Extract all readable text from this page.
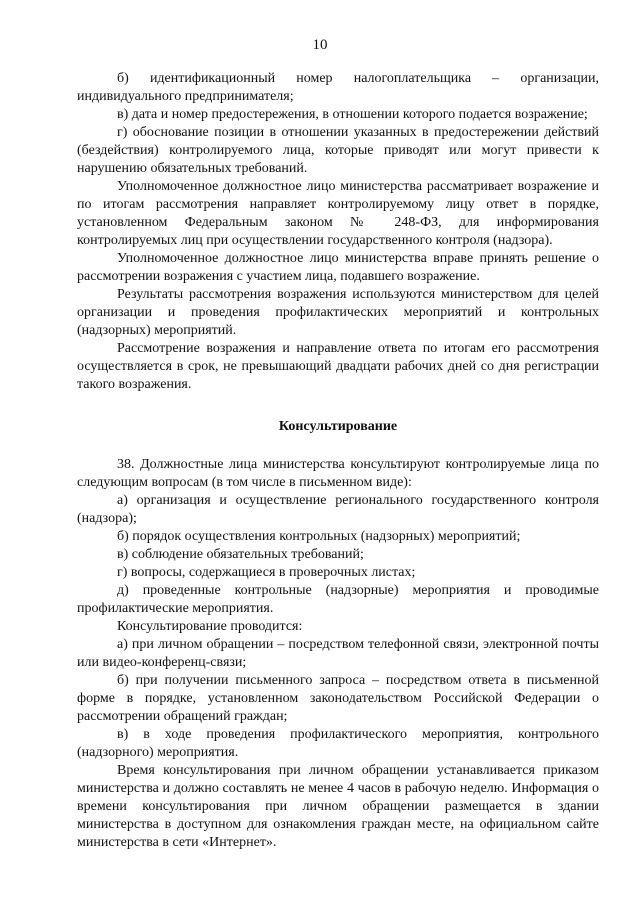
10

б) идентификационный номер налогоплательщика – организации, индивидуального предпринимателя;

в) дата и номер предостережения, в отношении которого подается возражение;

г) обоснование позиции в отношении указанных в предостережении действий (бездействия) контролируемого лица, которые приводят или могут привести к нарушению обязательных требований.

Уполномоченное должностное лицо министерства рассматривает возражение и по итогам рассмотрения направляет контролируемому лицу ответ в порядке, установленном Федеральным законом № 248-ФЗ, для информирования контролируемых лиц при осуществлении государственного контроля (надзора).

Уполномоченное должностное лицо министерства вправе принять решение о рассмотрении возражения с участием лица, подавшего возражение.

Результаты рассмотрения возражения используются министерством для целей организации и проведения профилактических мероприятий и контрольных (надзорных) мероприятий.

Рассмотрение возражения и направление ответа по итогам его рассмотрения осуществляется в срок, не превышающий двадцати рабочих дней со дня регистрации такого возражения.

Консультирование

38. Должностные лица министерства консультируют контролируемые лица по следующим вопросам (в том числе в письменном виде):

а) организация и осуществление регионального государственного контроля (надзора);

б) порядок осуществления контрольных (надзорных) мероприятий;

в) соблюдение обязательных требований;

г) вопросы, содержащиеся в проверочных листах;

д) проведенные контрольные (надзорные) мероприятия и проводимые профилактические мероприятия.

Консультирование проводится:

а) при личном обращении – посредством телефонной связи, электронной почты или видео-конференц-связи;

б) при получении письменного запроса – посредством ответа в письменной форме в порядке, установленном законодательством Российской Федерации о рассмотрении обращений граждан;

в) в ходе проведения профилактического мероприятия, контрольного (надзорного) мероприятия.

Время консультирования при личном обращении устанавливается приказом министерства и должно составлять не менее 4 часов в рабочую неделю. Информация о времени консультирования при личном обращении размещается в здании министерства в доступном для ознакомления граждан месте, на официальном сайте министерства в сети «Интернет».
